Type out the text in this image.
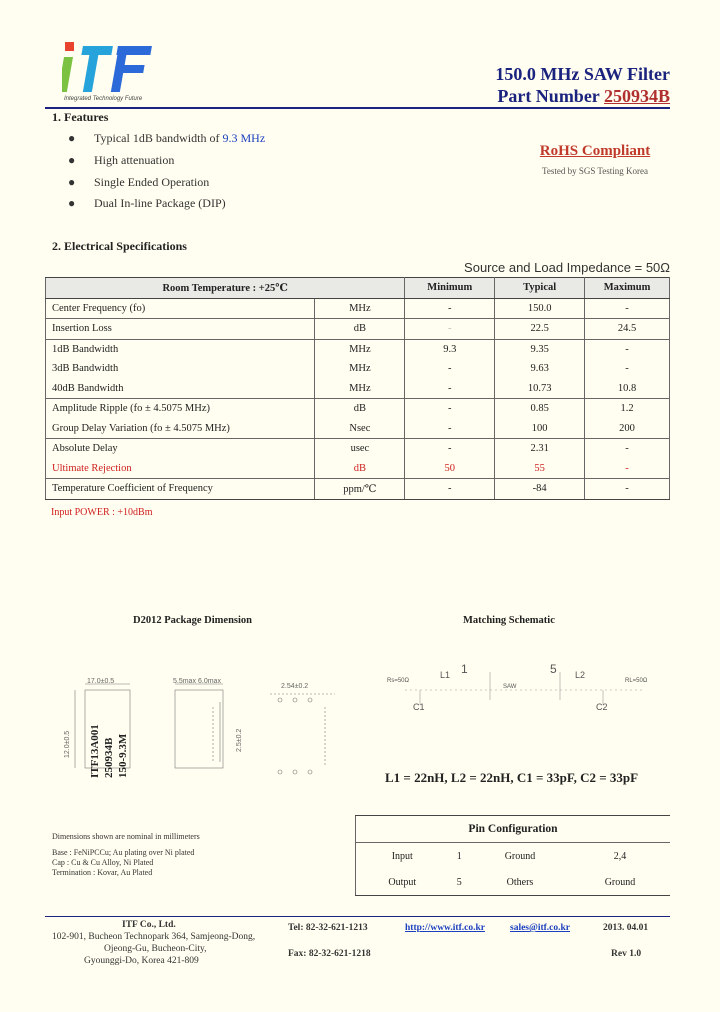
Integrated Technology Future
150.0 MHz SAW Filter
Part Number 250934B
1. Features
● Typical 1dB bandwidth of 9.3 MHz
● High attenuation
● Single Ended Operation
● Dual In-line Package (DIP)
RoHS Compliant
Tested by SGS Testing Korea
2. Electrical Specifications
Source and Load Impedance = 50Ω
Room Temperature : +25℃		Minimum	Typical	Maximum
Center Frequency (fo)	MHz	-	150.0	-
Insertion Loss	dB	-	22.5	24.5
1dB Bandwidth	MHz	9.3	9.35	-
3dB Bandwidth	MHz	-	9.63	-
40dB Bandwidth	MHz	-	10.73	10.8
Amplitude Ripple (fo ± 4.5075 MHz)	dB	-	0.85	1.2
Group Delay Variation (fo ± 4.5075 MHz)	Nsec	-	100	200
Absolute Delay	usec	-	2.31	-
Ultimate Rejection	dB	50	55	-
Temperature Coefficient of Frequency	ppm/℃	-	-84	-
Input POWER : +10dBm
D2012 Package Dimension
17.0±0.5	5.5max 6.0max
2.54±0.2
12.0±0.5	2.5±0.2
ITF13A001 250934B 150-9.3M
Matching Schematic
L1 1	5 L2
C1	C2
SAW
Rs=50Ω	RL=50Ω
L1 = 22nH, L2 = 22nH, C1 = 33pF, C2 = 33pF
Dimensions shown are nominal in millimeters
Base : FeNiPCCu; Au plating over Ni plated
Cap : Cu & Cu Alloy, Ni Plated
Termination : Kovar, Au Plated
Pin Configuration			
Input	1	Ground	2,4
Output	5	Others	Ground
ITF Co., Ltd.
102-901, Bucheon Technopark 364, Samjeong-Dong,
Ojeong-Gu, Bucheon-City,
Gyounggi-Do, Korea 421-809
Tel: 82-32-621-1213
Fax: 82-32-621-1218
http://www.itf.co.kr	sales@itf.co.kr	2013. 04.01
Rev 1.0
